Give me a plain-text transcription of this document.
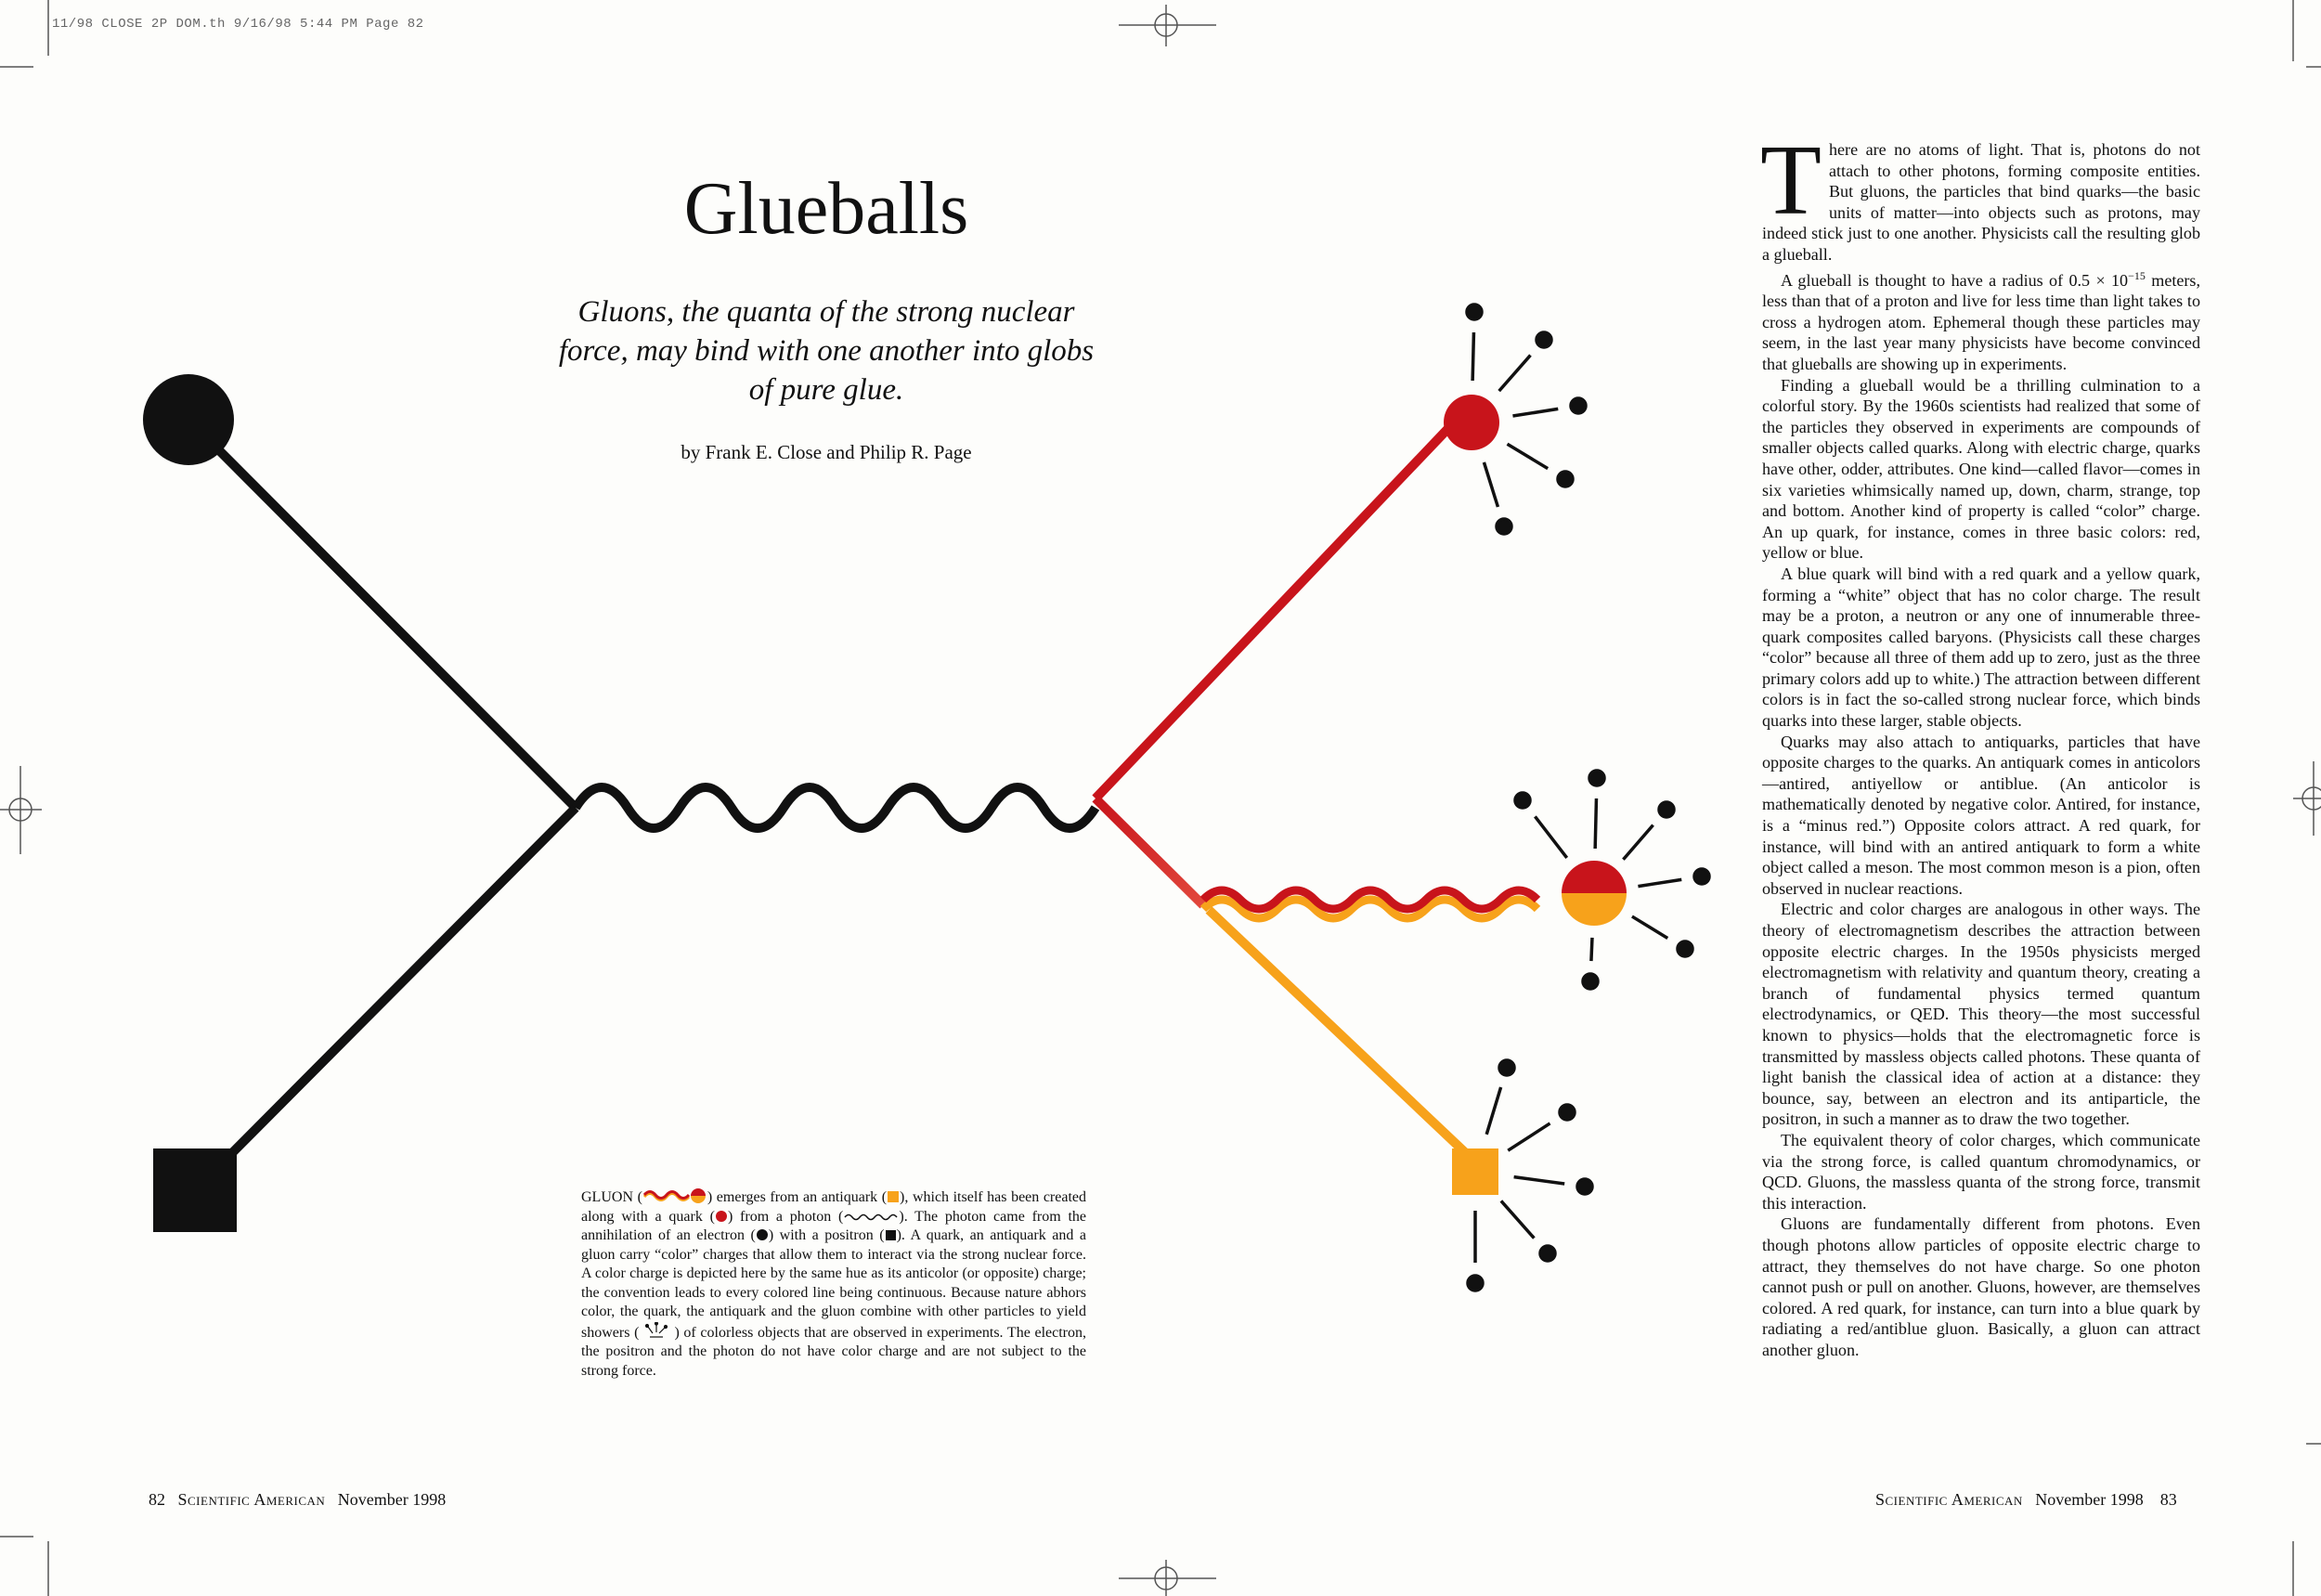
11/98 CLOSE 2P DOM.th 9/16/98 5:44 PM Page 82
Glueballs
Gluons, the quanta of the strong nuclear force, may bind with one another into globs of pure glue.
by Frank E. Close and Philip R. Page
GLUON (	) emerges from an antiquark ( ), which itself has been created along with a quark ( ) from a photon (	). The photon came from the annihilation of an electron ( ) with a positron ( ). A quark, an antiquark and a gluon carry “color” charges that allow them to interact via the strong nuclear force. A color charge is depicted here by the same hue as its anticolor (or opposite) charge; the convention leads to every colored line being continuous. Because nature abhors color, the quark, the antiquark and the gluon combine with other particles to yield showers ( ) of colorless objects that are observed in experiments. The electron, the positron and the photon do not have color charge and are not subject to the strong force.

There are no atoms of light. That is, photons do not attach to other photons, forming composite entities. But gluons, the particles that bind quarks—the basic units of matter—into objects such as protons, may indeed stick just to one another. Physicists call the resulting glob a glueball.

A glueball is thought to have a radius of $0.5 \times 10^{-15}$ meters, less than that of a proton and live for less time than light takes to cross a hydrogen atom. Ephemeral though these particles may seem, in the last year many physicists have become convinced that glueballs are showing up in experiments.

Finding a glueball would be a thrilling culmination to a colorful story. By the 1960s scientists had realized that some of the particles they observed in experiments are compounds of smaller objects called quarks. Along with electric charge, quarks have other, odder, attributes. One kind—called flavor—comes in six varieties whimsically named up, down, charm, strange, top and bottom. Another kind of property is called “color” charge. An up quark, for instance, comes in three basic colors: red, yellow or blue.

A blue quark will bind with a red quark and a yellow quark, forming a “white” object that has no color charge. The result may be a proton, a neutron or any one of innumerable three-quark composites called baryons. (Physicists call these charges “color” because all three of them add up to zero, just as the three primary colors add up to white.) The attraction between different colors is in fact the so-called strong nuclear force, which binds quarks into these larger, stable objects.

Quarks may also attach to antiquarks, particles that have opposite charges to the quarks. An antiquark comes in anticolors—antired, antiyellow or antiblue. (An anticolor is mathematically denoted by negative color. Antired, for instance, is a “minus red.”) Opposite colors attract. A red quark, for instance, will bind with an antired antiquark to form a white object called a meson. The most common meson is a pion, often observed in nuclear reactions.

Electric and color charges are analogous in other ways. The theory of electromagnetism describes the attraction between opposite electric charges. In the 1950s physicists merged electromagnetism with relativity and quantum theory, creating a branch of fundamental physics termed quantum electrodynamics, or QED. This theory—the most successful known to physics—holds that the electromagnetic force is transmitted by massless objects called photons. These quanta of light banish the classical idea of action at a distance: they bounce, say, between an electron and its antiparticle, the positron, in such a manner as to draw the two together.

The equivalent theory of color charges, which communicate via the strong force, is called quantum chromodynamics, or QCD. Gluons, the massless quanta of the strong force, transmit this interaction.

Gluons are fundamentally different from photons. Even though photons allow particles of opposite electric charge to attract, they themselves do not have charge. So one photon cannot push or pull on another. Gluons, however, are themselves colored. A red quark, for instance, can turn into a blue quark by radiating a red/antiblue gluon. Basically, a gluon can attract another gluon.

82 Scientific American November 1998	Scientific American November 1998 83
